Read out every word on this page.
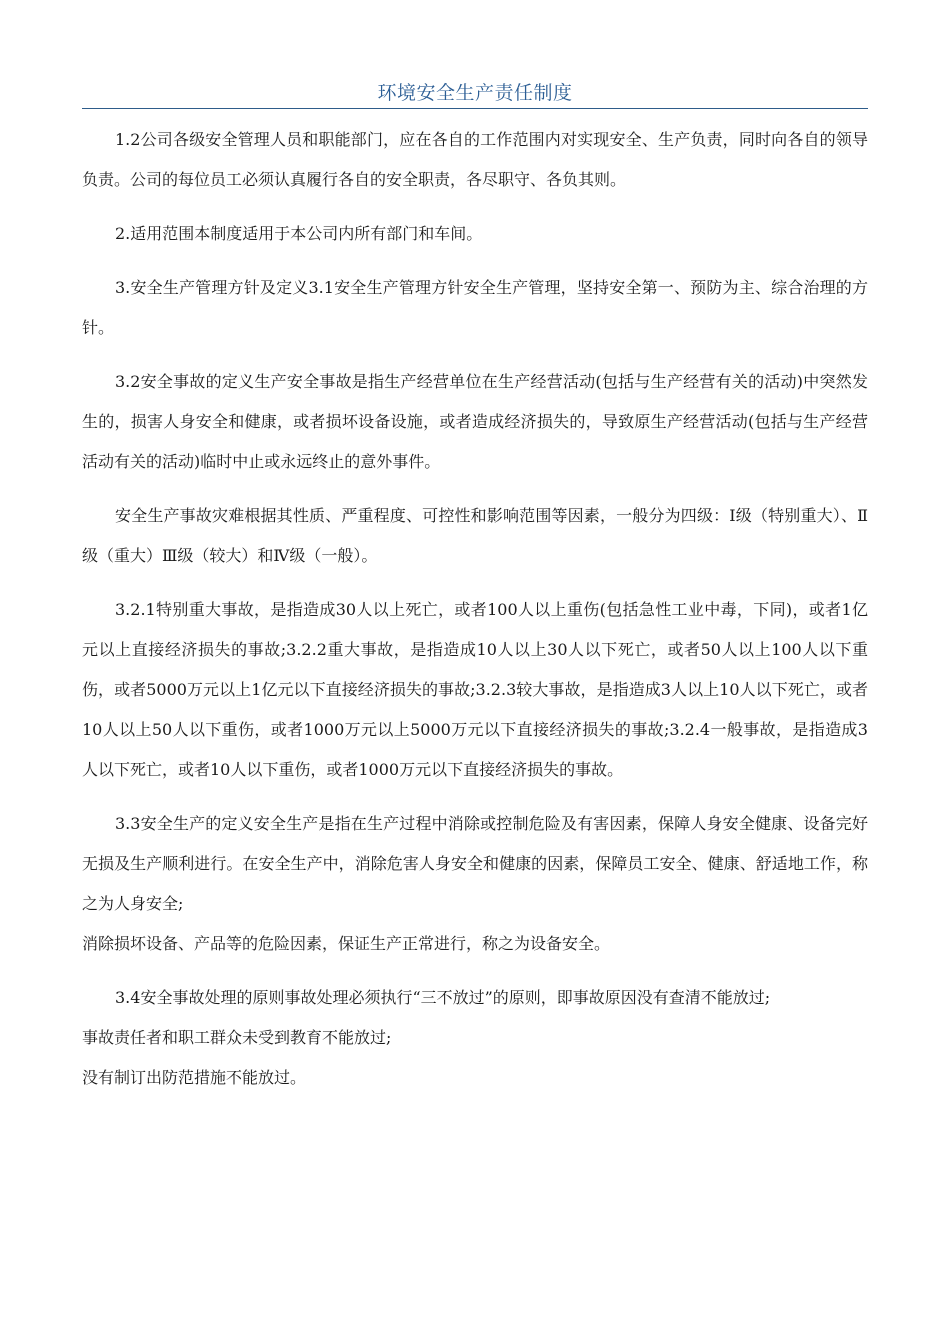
环境安全生产责任制度

1.2公司各级安全管理人员和职能部门，应在各自的工作范围内对实现安全、生产负责，同时向各自的领导负责。公司的每位员工必须认真履行各自的安全职责，各尽职守、各负其则。

2.适用范围本制度适用于本公司内所有部门和车间。

3.安全生产管理方针及定义3.1安全生产管理方针安全生产管理，坚持安全第一、预防为主、综合治理的方针。

3.2安全事故的定义生产安全事故是指生产经营单位在生产经营活动(包括与生产经营有关的活动)中突然发生的，损害人身安全和健康，或者损坏设备设施，或者造成经济损失的，导致原生产经营活动(包括与生产经营活动有关的活动)临时中止或永远终止的意外事件。

安全生产事故灾难根据其性质、严重程度、可控性和影响范围等因素，一般分为四级：Ⅰ级（特别重大）、Ⅱ级（重大）Ⅲ级（较大）和Ⅳ级（一般）。

3.2.1特别重大事故，是指造成30人以上死亡，或者100人以上重伤(包括急性工业中毒，下同)，或者1亿元以上直接经济损失的事故;3.2.2重大事故，是指造成10人以上30人以下死亡，或者50人以上100人以下重伤，或者5000万元以上1亿元以下直接经济损失的事故;3.2.3较大事故，是指造成3人以上10人以下死亡，或者10人以上50人以下重伤，或者1000万元以上5000万元以下直接经济损失的事故;3.2.4一般事故，是指造成3人以下死亡，或者10人以下重伤，或者1000万元以下直接经济损失的事故。

3.3安全生产的定义安全生产是指在生产过程中消除或控制危险及有害因素，保障人身安全健康、设备完好无损及生产顺利进行。在安全生产中，消除危害人身安全和健康的因素，保障员工安全、健康、舒适地工作，称之为人身安全;

消除损坏设备、产品等的危险因素，保证生产正常进行，称之为设备安全。

3.4安全事故处理的原则事故处理必须执行“三不放过”的原则，即事故原因没有查清不能放过;

事故责任者和职工群众未受到教育不能放过;

没有制订出防范措施不能放过。
